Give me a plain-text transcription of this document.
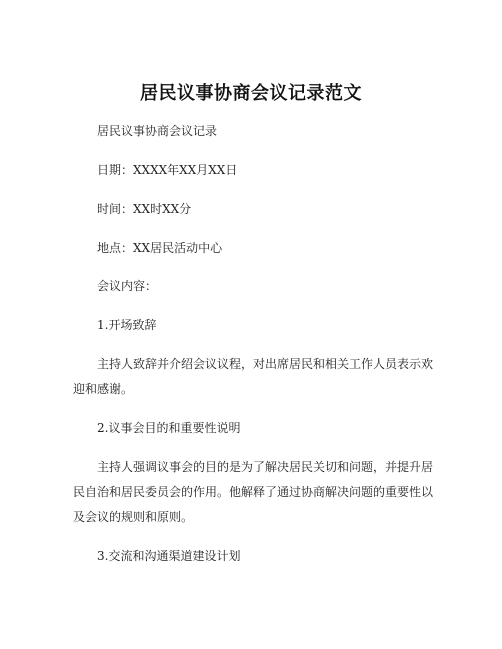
居民议事协商会议记录范文
居民议事协商会议记录
日期：XXXX年XX月XX日
时间：XX时XX分
地点：XX居民活动中心
会议内容：
1.开场致辞
主持人致辞并介绍会议议程，对出席居民和相关工作人员表示欢
迎和感谢。
2.议事会目的和重要性说明
主持人强调议事会的目的是为了解决居民关切和问题，并提升居
民自治和居民委员会的作用。他解释了通过协商解决问题的重要性以
及会议的规则和原则。
3.交流和沟通渠道建设计划
